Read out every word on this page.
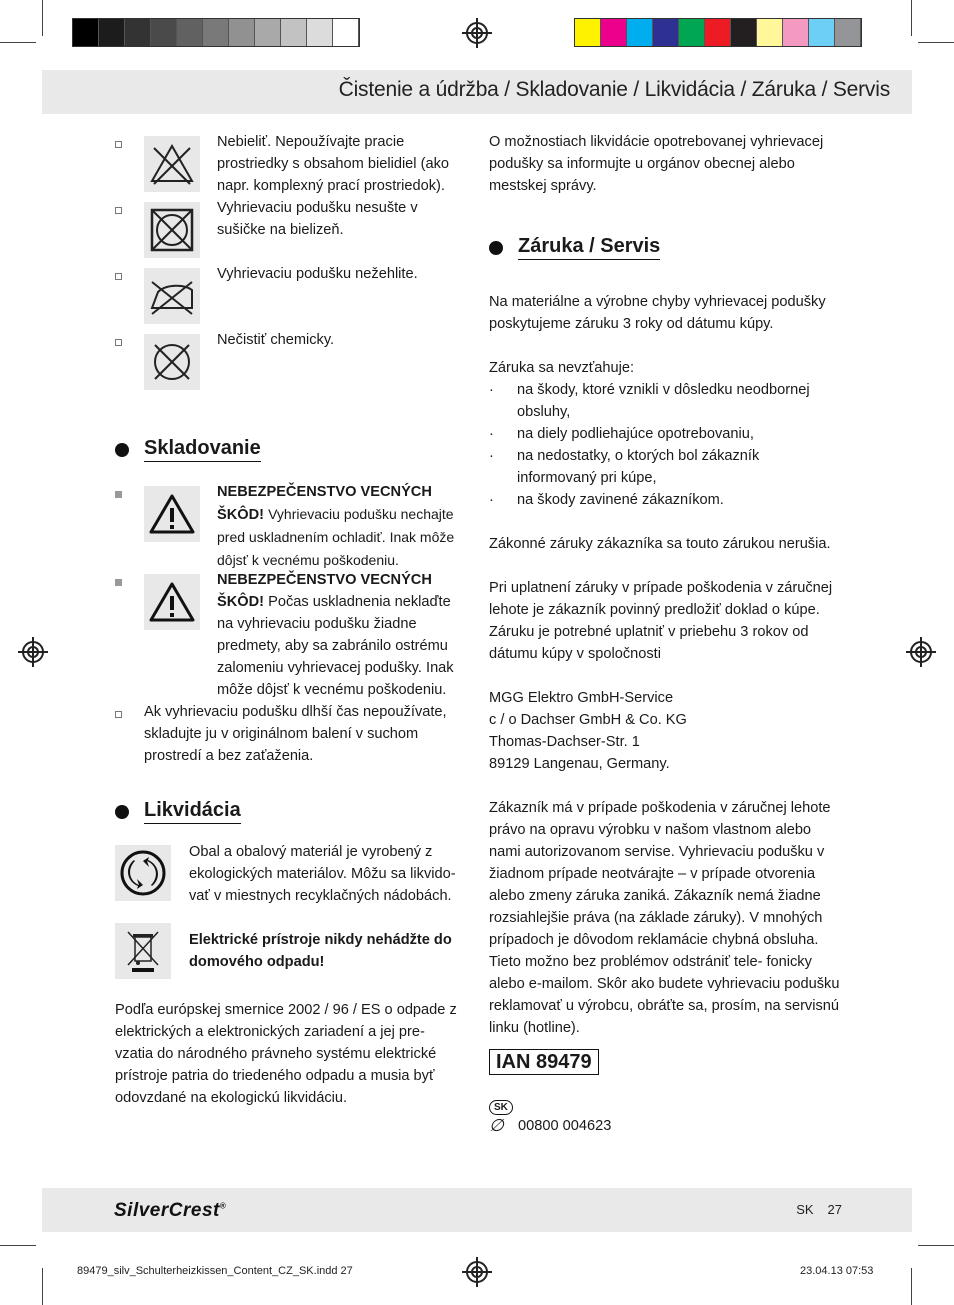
Čistenie a údržba / Skladovanie / Likvidácia / Záruka / Servis
Nebieliť. Nepoužívajte pracie prostriedky s obsahom bielidiel (ako napr. komplexný prací prostriedok).
Vyhrievaciu podušku nesušte v sušičke na bielizeň.
Vyhrievaciu podušku nežehlite.
Nečistiť chemicky.
Skladovanie
NEBEZPEČENSTVO VECNÝCH ŠKÔD! Vyhrievaciu podušku nechajte pred uskladnením ochladiť. Inak môže dôjsť k vecnému poškodeniu.
NEBEZPEČENSTVO VECNÝCH ŠKÔD! Počas uskladnenia neklaďte na vyhrievaciu podušku žiadne predmety, aby sa zabránilo ostrému zalomeniu vyhrievacej podušky. Inak môže dôjsť k vecnému poškodeniu.
Ak vyhrievaciu podušku dlhší čas nepoužívate, skladujte ju v originálnom balení v suchom prostredí a bez zaťaženia.
Likvidácia
Obal a obalový materiál je vyrobený z ekologických materiálov. Môžu sa likvido- vať v miestnych recyklačných nádobách.
Elektrické prístroje nikdy nehádžte do domového odpadu!
Podľa európskej smernice 2002 / 96 / ES o odpade z elektrických a elektronických zariadení a jej pre- vzatia do národného právneho systému elektrické prístroje patria do triedeného odpadu a musia byť odovzdané na ekologickú likvidáciu.
O možnostiach likvidácie opotrebovanej vyhrievacej podušky sa informujte u orgánov obecnej alebo mestskej správy.
Záruka / Servis
Na materiálne a výrobne chyby vyhrievacej podušky poskytujeme záruku 3 roky od dátumu kúpy.
Záruka sa nevzťahuje:
· na škody, ktoré vznikli v dôsledku neodbornej obsluhy,
· na diely podliehajúce opotrebovaniu,
· na nedostatky, o ktorých bol zákazník informovaný pri kúpe,
· na škody zavinené zákazníkom.
Zákonné záruky zákazníka sa touto zárukou nerušia.
Pri uplatnení záruky v prípade poškodenia v záručnej lehote je zákazník povinný predložiť doklad o kúpe. Záruku je potrebné uplatniť v priebehu 3 rokov od dátumu kúpy v spoločnosti
MGG Elektro GmbH-Service
c / o Dachser GmbH & Co. KG
Thomas-Dachser-Str. 1
89129 Langenau, Germany.
Zákazník má v prípade poškodenia v záručnej lehote právo na opravu výrobku v našom vlastnom alebo nami autorizovanom servise. Vyhrievaciu podušku v žiadnom prípade neotvárajte – v prípade otvorenia alebo zmeny záruka zaniká. Zákazník nemá žiadne rozsiahlejšie práva (na základe záruky). V mnohých prípadoch je dôvodom reklamácie chybná obsluha. Tieto možno bez problémov odstrániť tele- fonicky alebo e-mailom. Skôr ako budete vyhrievaciu podušku reklamovať u výrobcu, obráťte sa, prosím, na servisnú linku (hotline).
IAN 89479
SK
∅ 00800 004623
SilverCrest®	SK 27
89479_silv_Schulterheizkissen_Content_CZ_SK.indd 27	23.04.13 07:53
